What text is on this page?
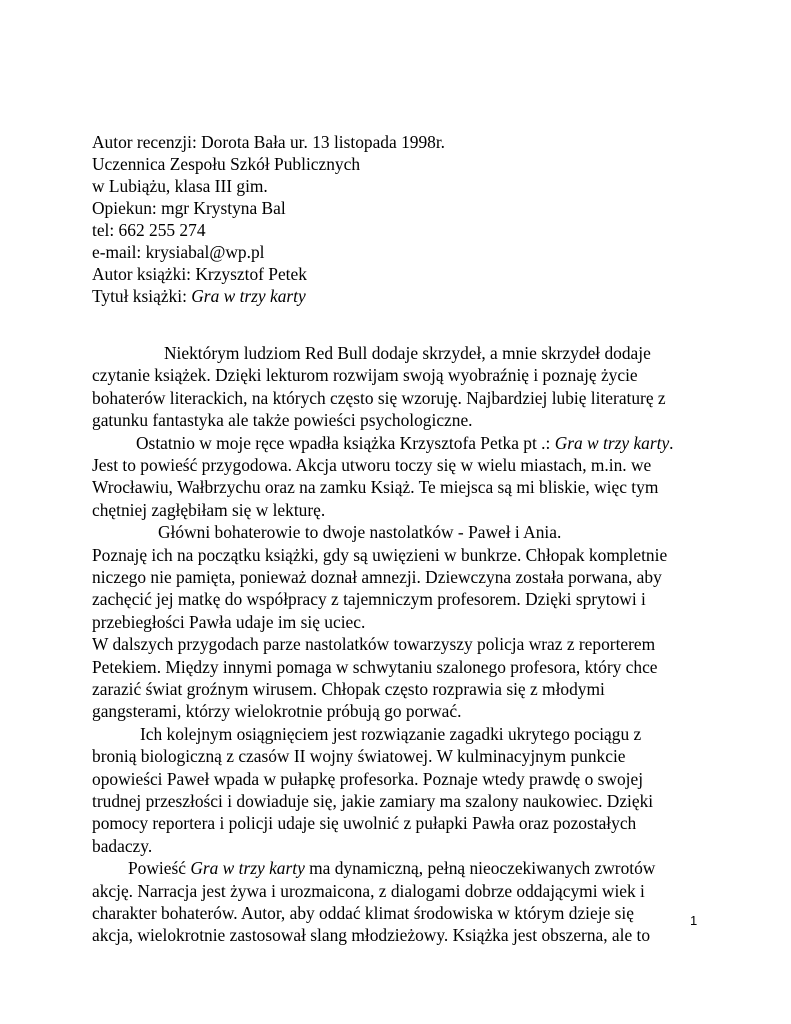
Autor recenzji: Dorota Bała ur. 13 listopada 1998r.
Uczennica Zespołu Szkół Publicznych
w Lubiążu, klasa III gim.
Opiekun: mgr Krystyna Bal
tel: 662 255 274
e-mail: krysiabal@wp.pl
Autor książki: Krzysztof Petek
Tytuł książki: Gra w trzy karty
Niektórym ludziom Red Bull dodaje skrzydeł, a mnie skrzydeł dodaje
czytanie książek. Dzięki lekturom rozwijam swoją wyobraźnię i poznaję życie
bohaterów literackich, na których często się wzoruję. Najbardziej lubię literaturę z
gatunku fantastyka ale także powieści psychologiczne.
Ostatnio w moje ręce wpadła książka Krzysztofa Petka pt .: Gra w trzy karty.
Jest to powieść przygodowa. Akcja utworu toczy się w wielu miastach, m.in. we
Wrocławiu, Wałbrzychu oraz na zamku Książ. Te miejsca są mi bliskie, więc tym
chętniej zagłębiłam się w lekturę.
Główni bohaterowie to dwoje nastolatków - Paweł i Ania.
Poznaję ich na początku książki, gdy są uwięzieni w bunkrze. Chłopak kompletnie
niczego nie pamięta, ponieważ doznał amnezji. Dziewczyna została porwana, aby
zachęcić jej matkę do współpracy z tajemniczym profesorem. Dzięki sprytowi i
przebiegłości Pawła udaje im się uciec.
W dalszych przygodach parze nastolatków towarzyszy policja wraz z reporterem
Petekiem. Między innymi pomaga w schwytaniu szalonego profesora, który chce
zarazić świat groźnym wirusem. Chłopak często rozprawia się z młodymi
gangsterami, którzy wielokrotnie próbują go porwać.
Ich kolejnym osiągnięciem jest rozwiązanie zagadki ukrytego pociągu z
bronią biologiczną z czasów II wojny światowej. W kulminacyjnym punkcie
opowieści Paweł wpada w pułapkę profesorka. Poznaje wtedy prawdę o swojej
trudnej przeszłości i dowiaduje się, jakie zamiary ma szalony naukowiec. Dzięki
pomocy reportera i policji udaje się uwolnić z pułapki Pawła oraz pozostałych
badaczy.
Powieść Gra w trzy karty ma dynamiczną, pełną nieoczekiwanych zwrotów
akcję. Narracja jest żywa i urozmaicona, z dialogami dobrze oddającymi wiek i
charakter bohaterów. Autor, aby oddać klimat środowiska w którym dzieje się
akcja, wielokrotnie zastosował slang młodzieżowy. Książka jest obszerna, ale to
1
